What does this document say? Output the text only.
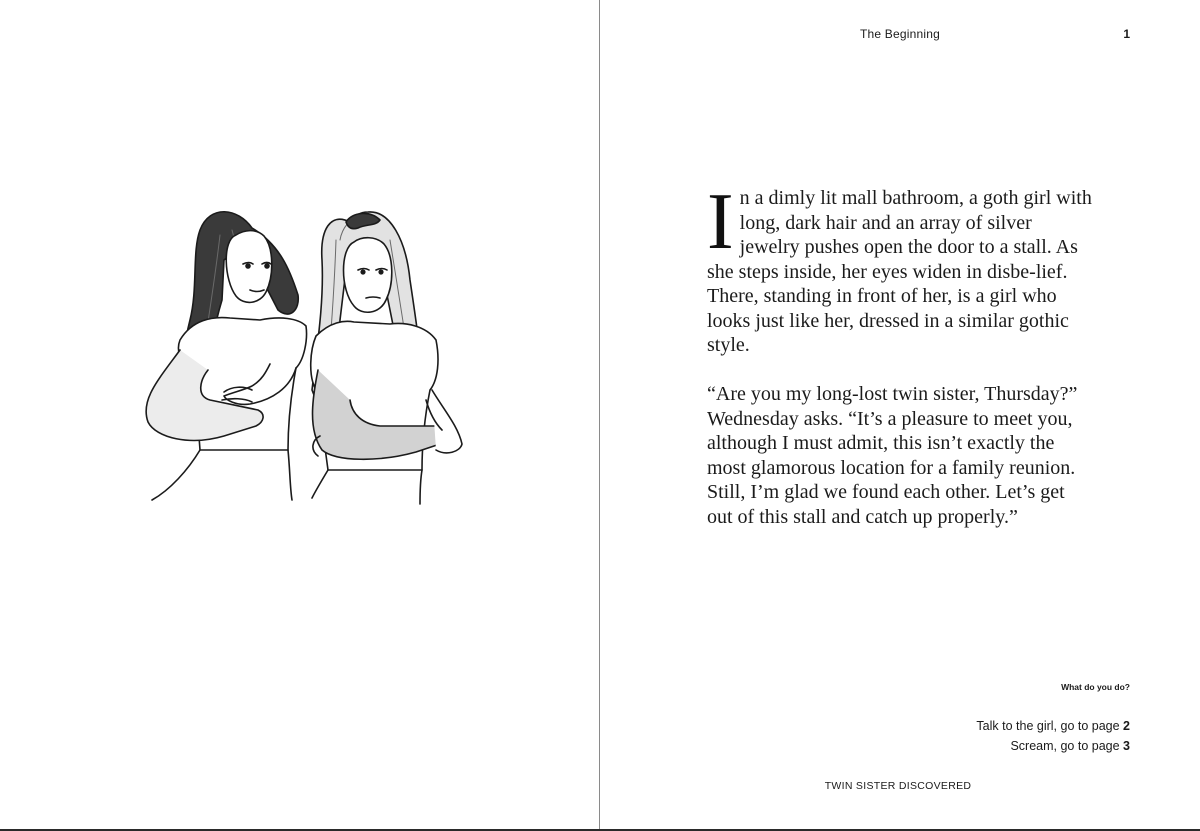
The Beginning	1

In a dimly lit mall bathroom, a goth girl with long, dark hair and an array of silver jewelry pushes open the door to a stall. As she steps inside, her eyes widen in disbe-lief. There, standing in front of her, is a girl who looks just like her, dressed in a similar gothic style.

“Are you my long-lost twin sister, Thursday?” Wednesday asks. “It’s a pleasure to meet you, although I must admit, this isn’t exactly the most glamorous location for a family reunion. Still, I’m glad we found each other. Let’s get out of this stall and catch up properly.”

What do you do?
Talk to the girl, go to page 2
Scream, go to page 3
TWIN SISTER DISCOVERED
